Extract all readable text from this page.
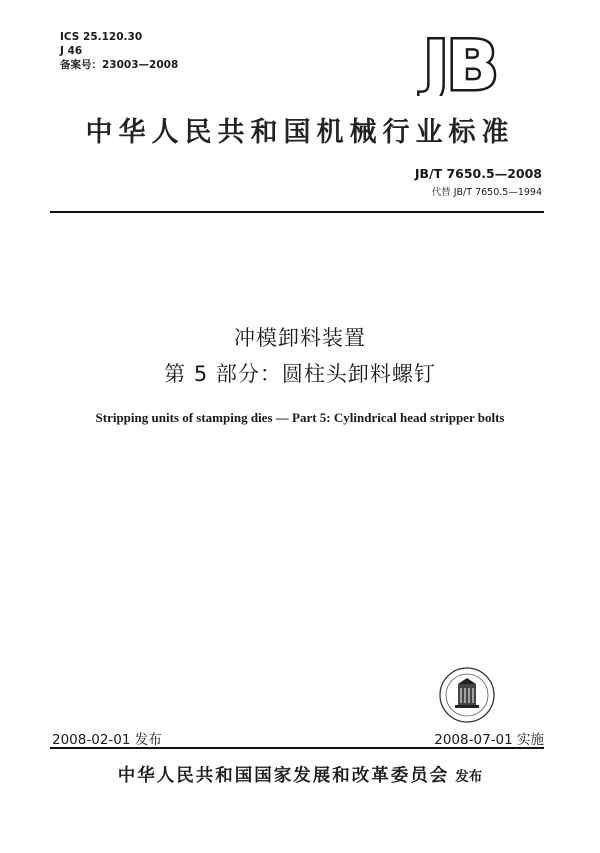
ICS 25.120.30
J 46
备案号：23003—2008	JB
中华人民共和国机械行业标准
JB/T 7650.5—2008
代替 JB/T 7650.5—1994
冲模卸料装置
第 5 部分：圆柱头卸料螺钉
Stripping units of stamping dies — Part 5: Cylindrical head stripper bolts
2008-02-01 发布	2008-07-01 实施
中华人民共和国国家发展和改革委员会 发布
